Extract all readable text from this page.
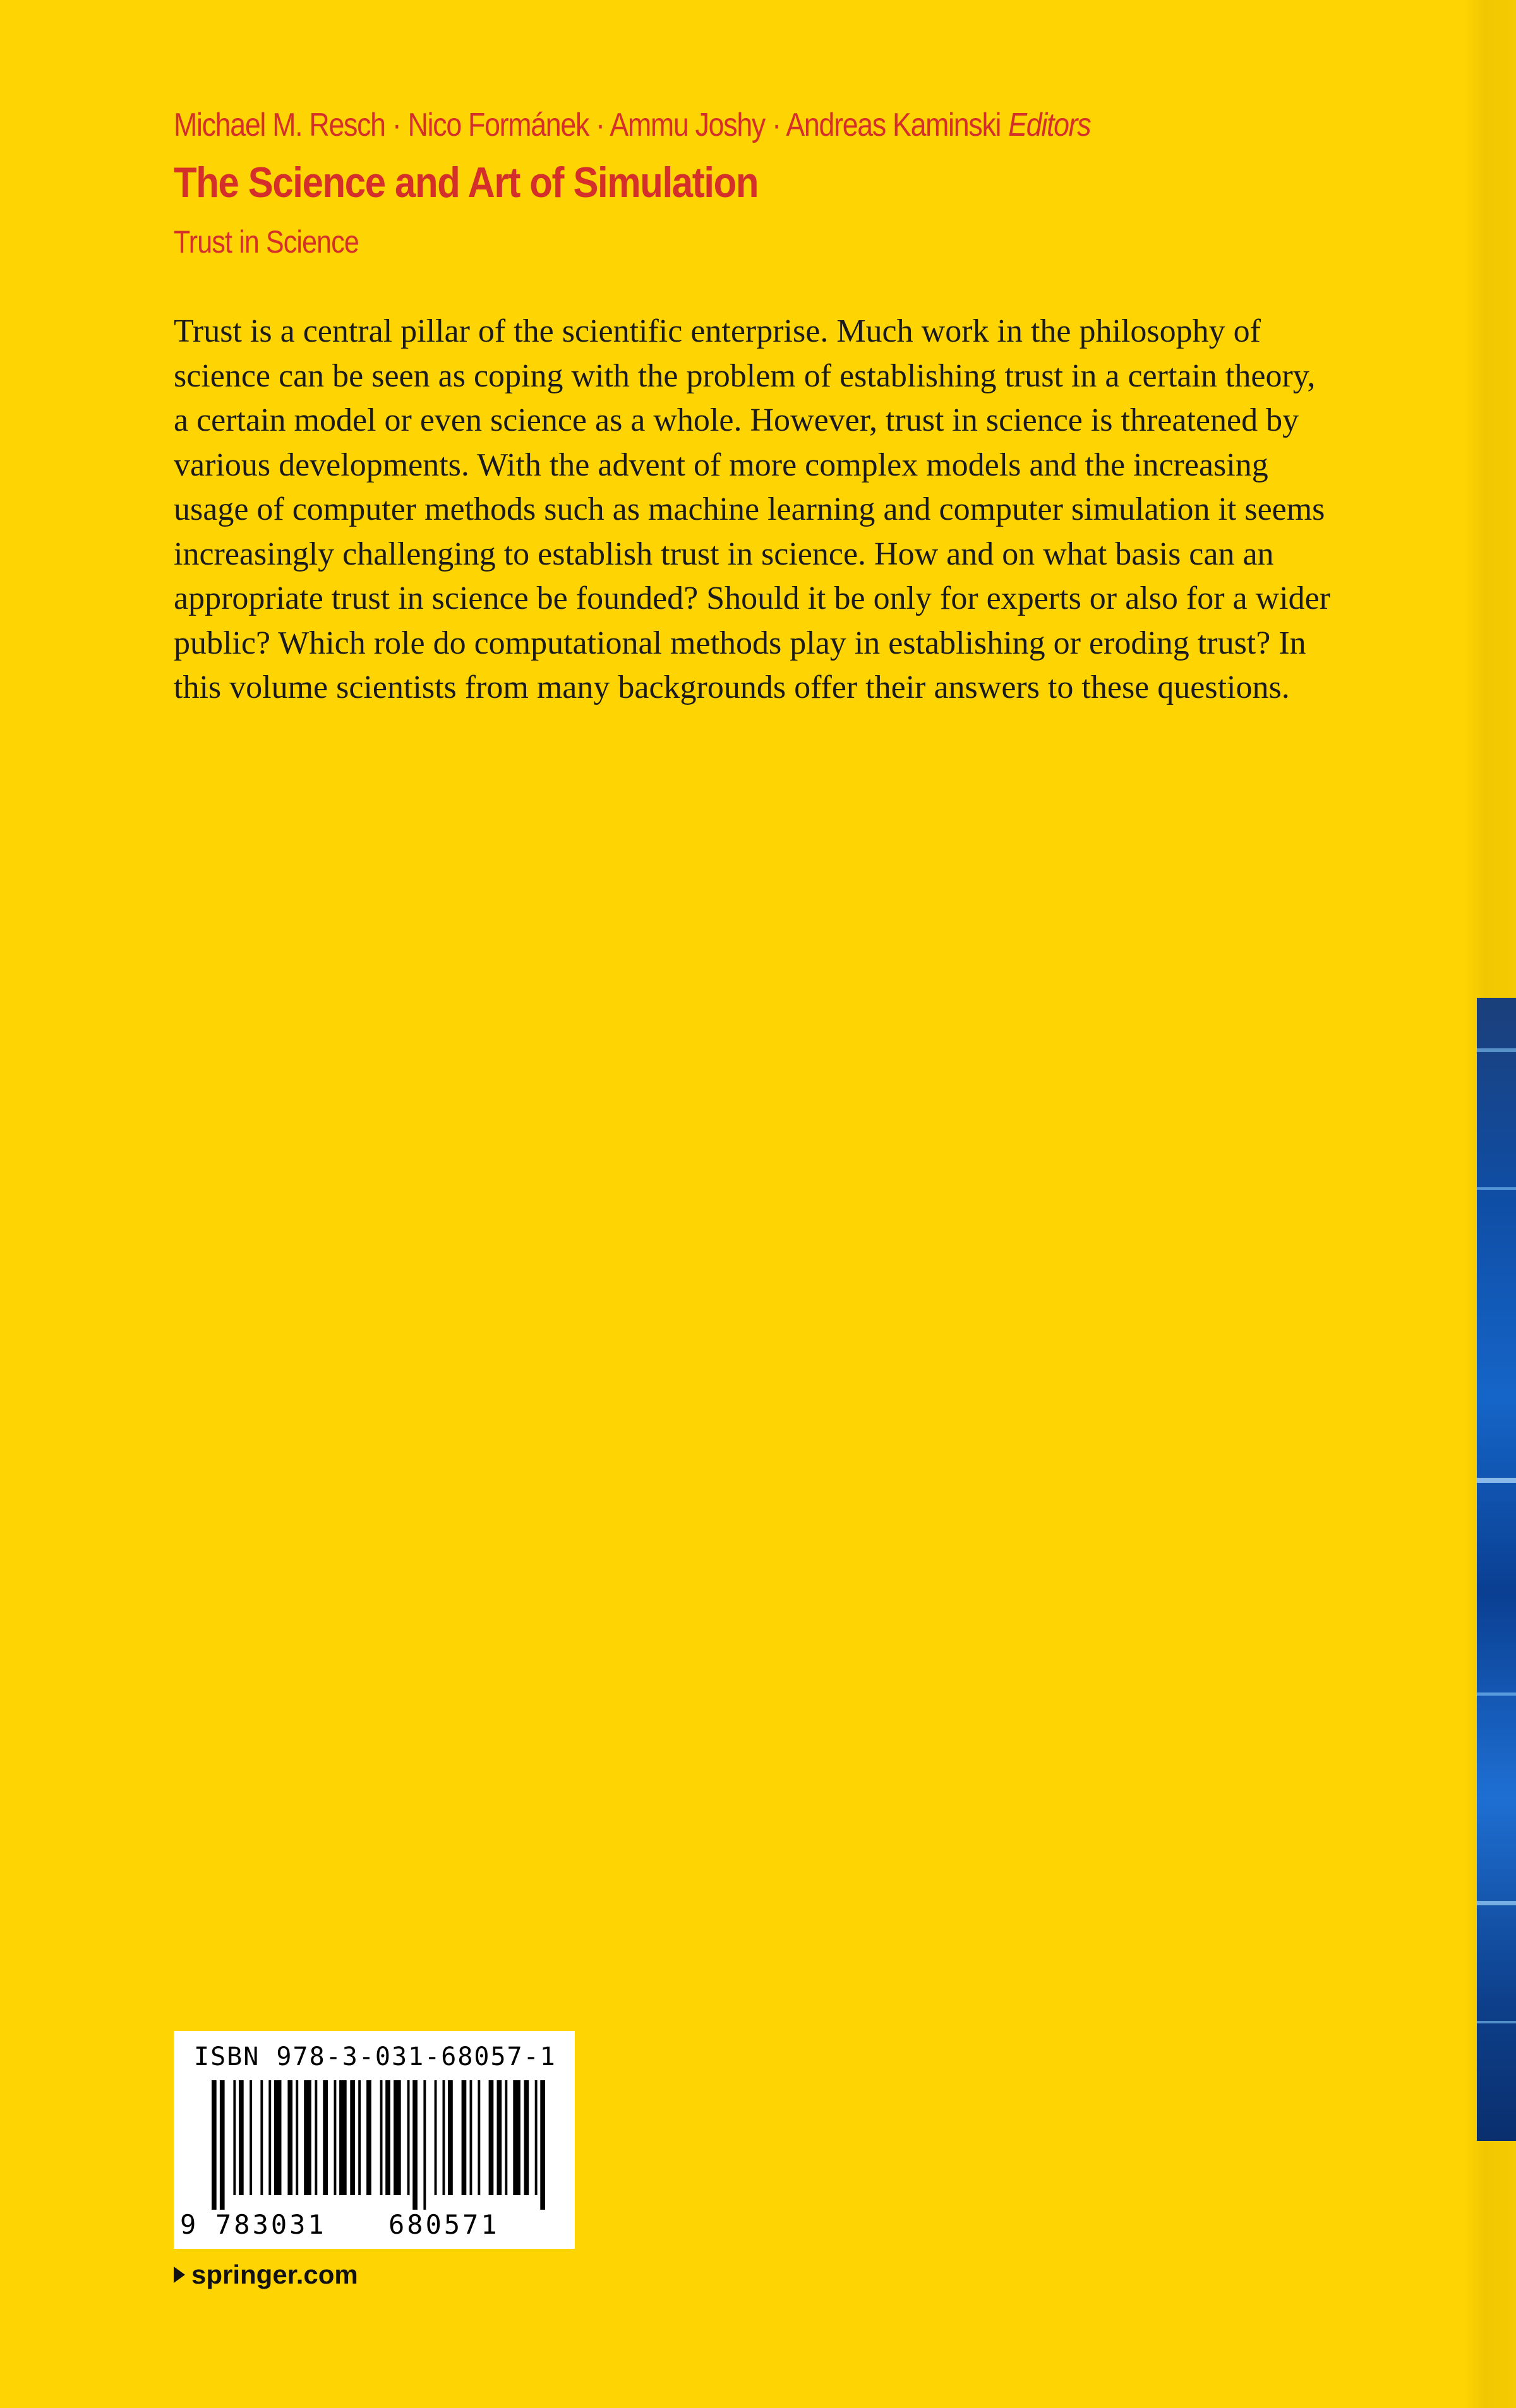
Michael M. Resch · Nico Formánek · Ammu Joshy · Andreas Kaminski Editors
The Science and Art of Simulation
Trust in Science

Trust is a central pillar of the scientific enterprise. Much work in the philosophy of
science can be seen as coping with the problem of establishing trust in a certain theory,
a certain model or even science as a whole. However, trust in science is threatened by
various developments. With the advent of more complex models and the increasing
usage of computer methods such as machine learning and computer simulation it seems
increasingly challenging to establish trust in science. How and on what basis can an
appropriate trust in science be founded? Should it be only for experts or also for a wider
public? Which role do computational methods play in establishing or eroding trust? In
this volume scientists from many backgrounds offer their answers to these questions.

ISBN 978-3-031-68057-1
9 783031 680571
springer.com
